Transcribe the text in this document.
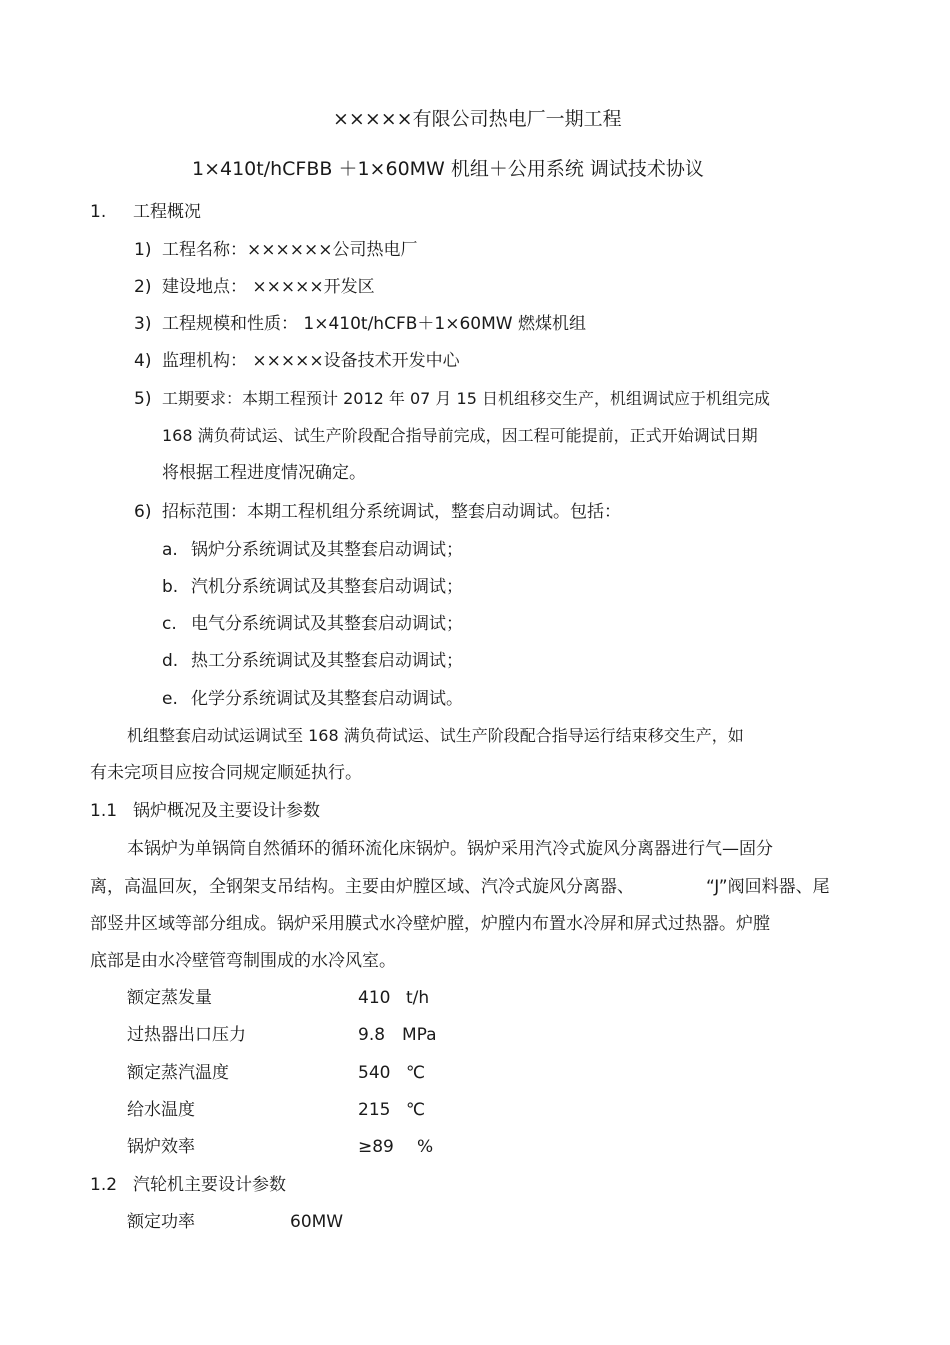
×××××有限公司热电厂一期工程
1×410t/hCFBB ＋1×60MW 机组＋公用系统 调试技术协议
1. 工程概况
1) 工程名称：××××××公司热电厂
2) 建设地点： ×××××开发区
3) 工程规模和性质： 1×410t/hCFB＋1×60MW 燃煤机组
4) 监理机构： ×××××设备技术开发中心
5) 工期要求：本期工程预计 2012 年 07 月 15 日机组移交生产，机组调试应于机组完成
168 满负荷试运、试生产阶段配合指导前完成，因工程可能提前，正式开始调试日期
将根据工程进度情况确定。
6) 招标范围：本期工程机组分系统调试，整套启动调试。包括：
a. 锅炉分系统调试及其整套启动调试；
b. 汽机分系统调试及其整套启动调试；
c. 电气分系统调试及其整套启动调试；
d. 热工分系统调试及其整套启动调试；
e. 化学分系统调试及其整套启动调试。
机组整套启动试运调试至 168 满负荷试运、试生产阶段配合指导运行结束移交生产，如
有未完项目应按合同规定顺延执行。
1.1 锅炉概况及主要设计参数
本锅炉为单锅筒自然循环的循环流化床锅炉。锅炉采用汽冷式旋风分离器进行气—固分
离，高温回灰，全钢架支吊结构。主要由炉膛区域、汽冷式旋风分离器、	“J”阀回料器、尾
部竖井区域等部分组成。锅炉采用膜式水冷壁炉膛，炉膛内布置水冷屏和屏式过热器。炉膛
底部是由水冷壁管弯制围成的水冷风室。
额定蒸发量	410 t/h
过热器出口压力	9.8 MPa
额定蒸汽温度	540 ℃
给水温度	215 ℃
锅炉效率	≥89 %
1.2 汽轮机主要设计参数
额定功率	60MW
